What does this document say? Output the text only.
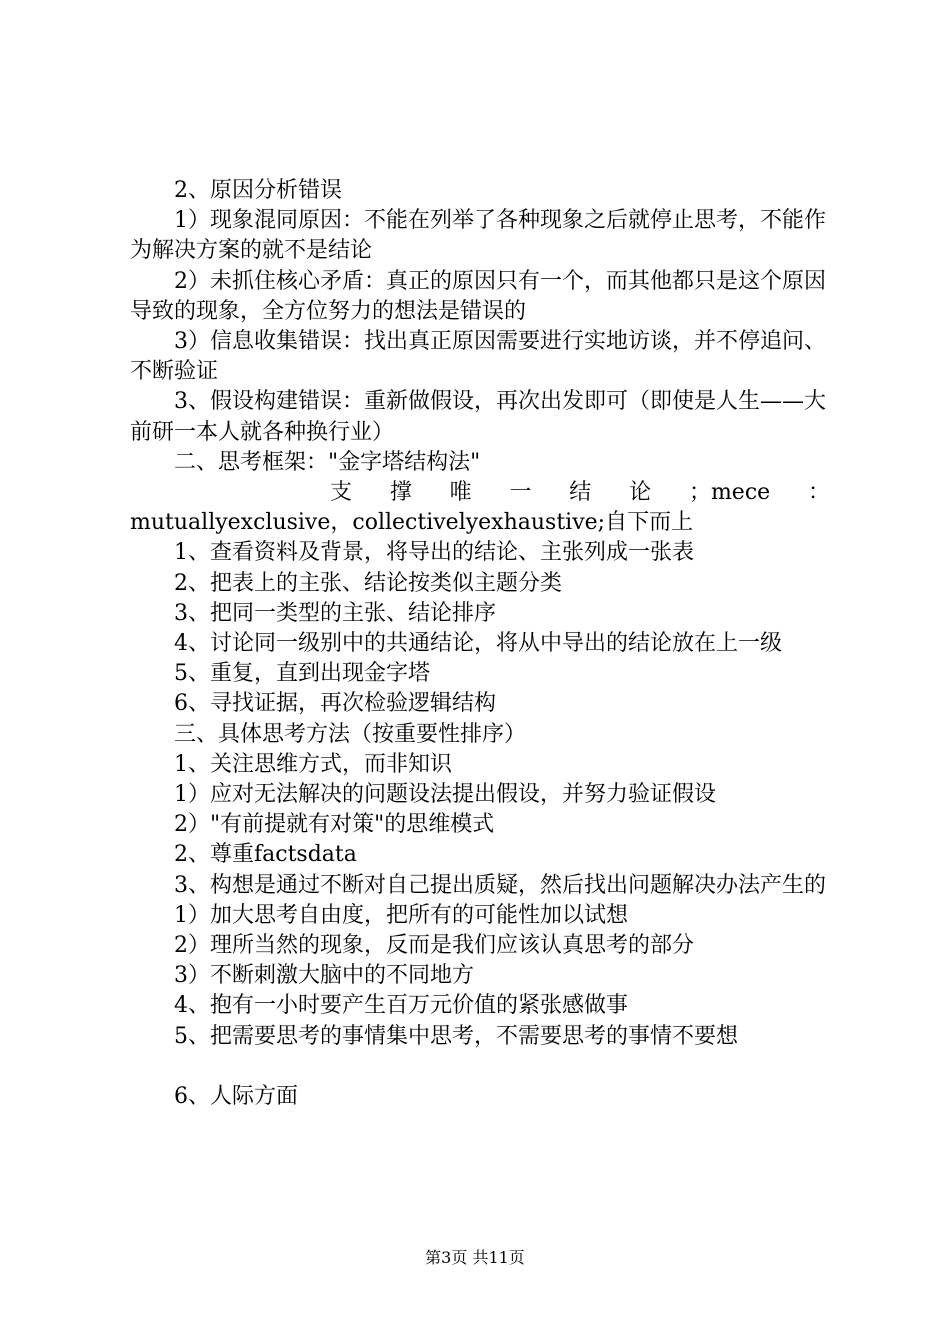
2、原因分析错误

1）现象混同原因：不能在列举了各种现象之后就停止思考，不能作为解决方案的就不是结论

2）未抓住核心矛盾：真正的原因只有一个，而其他都只是这个原因导致的现象，全方位努力的想法是错误的

3）信息收集错误：找出真正原因需要进行实地访谈，并不停追问、不断验证

3、假设构建错误：重新做假设，再次出发即可（即使是人生——大前研一本人就各种换行业）

二、思考框架："金字塔结构法"

支撑唯一结论；mece：

mutuallyexclusive，collectivelyexhaustive;自下而上

1、查看资料及背景，将导出的结论、主张列成一张表

2、把表上的主张、结论按类似主题分类

3、把同一类型的主张、结论排序

4、讨论同一级别中的共通结论，将从中导出的结论放在上一级

5、重复，直到出现金字塔

6、寻找证据，再次检验逻辑结构

三、具体思考方法（按重要性排序）

1、关注思维方式，而非知识

1）应对无法解决的问题设法提出假设，并努力验证假设

2）"有前提就有对策"的思维模式

2、尊重factsdata

3、构想是通过不断对自己提出质疑，然后找出问题解决办法产生的

1）加大思考自由度，把所有的可能性加以试想

2）理所当然的现象，反而是我们应该认真思考的部分

3）不断刺激大脑中的不同地方

4、抱有一小时要产生百万元价值的紧张感做事

5、把需要思考的事情集中思考，不需要思考的事情不要想

6、人际方面

第3页 共11页
